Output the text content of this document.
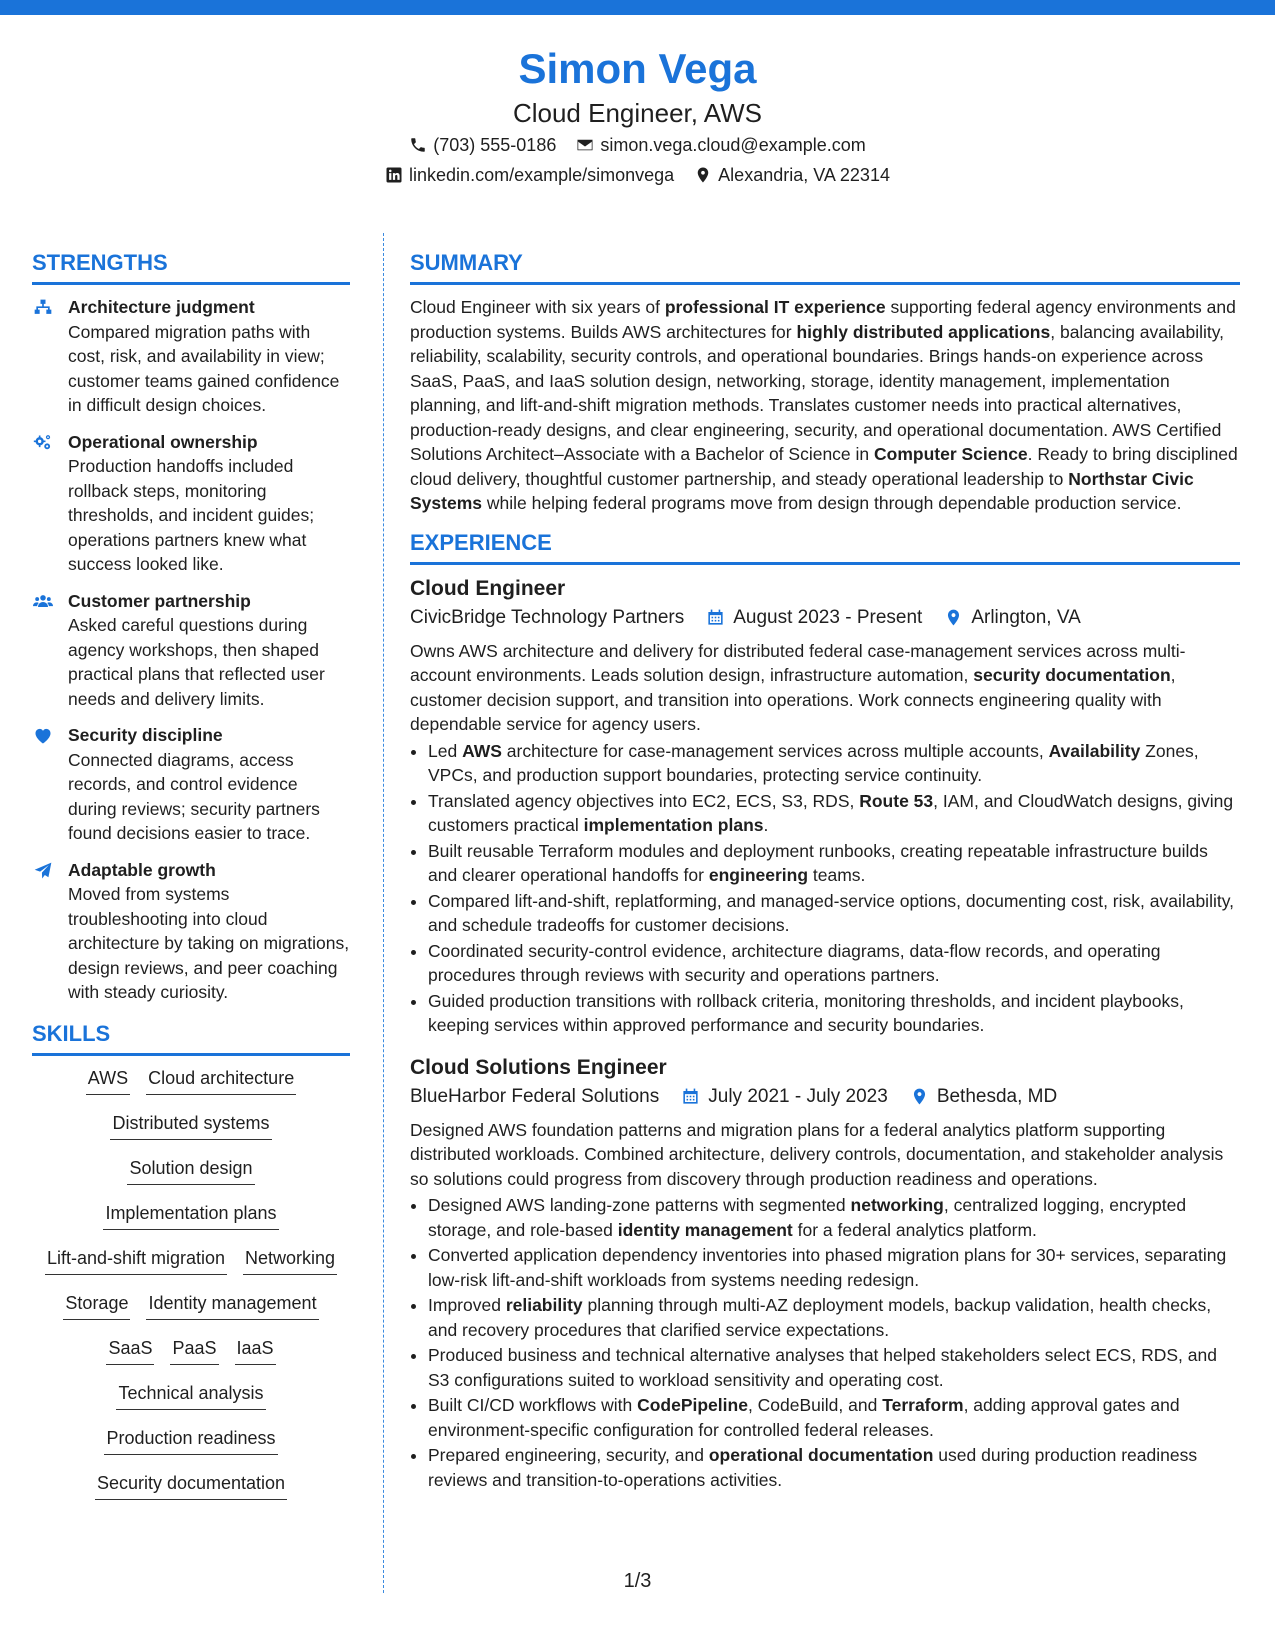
Simon Vega
Cloud Engineer, AWS
(703) 555-0186 simon.vega.cloud@example.com
linkedin.com/example/simonvega Alexandria, VA 22314
STRENGTHS
Architecture judgment
Compared migration paths with cost, risk, and availability in view; customer teams gained confidence in difficult design choices.
Operational ownership
Production handoffs included rollback steps, monitoring thresholds, and incident guides; operations partners knew what success looked like.
Customer partnership
Asked careful questions during agency workshops, then shaped practical plans that reflected user needs and delivery limits.
Security discipline
Connected diagrams, access records, and control evidence during reviews; security partners found decisions easier to trace.
Adaptable growth
Moved from systems troubleshooting into cloud architecture by taking on migrations, design reviews, and peer coaching with steady curiosity.
SKILLS
AWS Cloud architecture
Distributed systems
Solution design
Implementation plans
Lift-and-shift migration Networking
Storage Identity management
SaaS PaaS IaaS
Technical analysis
Production readiness
Security documentation
SUMMARY

Cloud Engineer with six years of professional IT experience supporting federal agency environments and production systems. Builds AWS architectures for highly distributed applications, balancing availability, reliability, scalability, security controls, and operational boundaries. Brings hands-on experience across SaaS, PaaS, and IaaS solution design, networking, storage, identity management, implementation planning, and lift-and-shift migration methods. Translates customer needs into practical alternatives, production-ready designs, and clear engineering, security, and operational documentation. AWS Certified Solutions Architect–Associate with a Bachelor of Science in Computer Science. Ready to bring disciplined cloud delivery, thoughtful customer partnership, and steady operational leadership to Northstar Civic Systems while helping federal programs move from design through dependable production service.

EXPERIENCE
Cloud Engineer
CivicBridge Technology Partners	August 2023 - Present	Arlington, VA
Owns AWS architecture and delivery for distributed federal case-management services across multi-account environments. Leads solution design, infrastructure automation, security documentation, customer decision support, and transition into operations. Work connects engineering quality with dependable service for agency users.
• Led AWS architecture for case-management services across multiple accounts, Availability Zones, VPCs, and production support boundaries, protecting service continuity.
• Translated agency objectives into EC2, ECS, S3, RDS, Route 53, IAM, and CloudWatch designs, giving customers practical implementation plans.
• Built reusable Terraform modules and deployment runbooks, creating repeatable infrastructure builds and clearer operational handoffs for engineering teams.
• Compared lift-and-shift, replatforming, and managed-service options, documenting cost, risk, availability, and schedule tradeoffs for customer decisions.
• Coordinated security-control evidence, architecture diagrams, data-flow records, and operating procedures through reviews with security and operations partners.
• Guided production transitions with rollback criteria, monitoring thresholds, and incident playbooks, keeping services within approved performance and security boundaries.
Cloud Solutions Engineer
BlueHarbor Federal Solutions	July 2021 - July 2023	Bethesda, MD
Designed AWS foundation patterns and migration plans for a federal analytics platform supporting distributed workloads. Combined architecture, delivery controls, documentation, and stakeholder analysis so solutions could progress from discovery through production readiness and operations.
• Designed AWS landing-zone patterns with segmented networking, centralized logging, encrypted storage, and role-based identity management for a federal analytics platform.
• Converted application dependency inventories into phased migration plans for 30+ services, separating low-risk lift-and-shift workloads from systems needing redesign.
• Improved reliability planning through multi-AZ deployment models, backup validation, health checks, and recovery procedures that clarified service expectations.
• Produced business and technical alternative analyses that helped stakeholders select ECS, RDS, and S3 configurations suited to workload sensitivity and operating cost.
• Built CI/CD workflows with CodePipeline, CodeBuild, and Terraform, adding approval gates and environment-specific configuration for controlled federal releases.
• Prepared engineering, security, and operational documentation used during production readiness reviews and transition-to-operations activities.
1/3
